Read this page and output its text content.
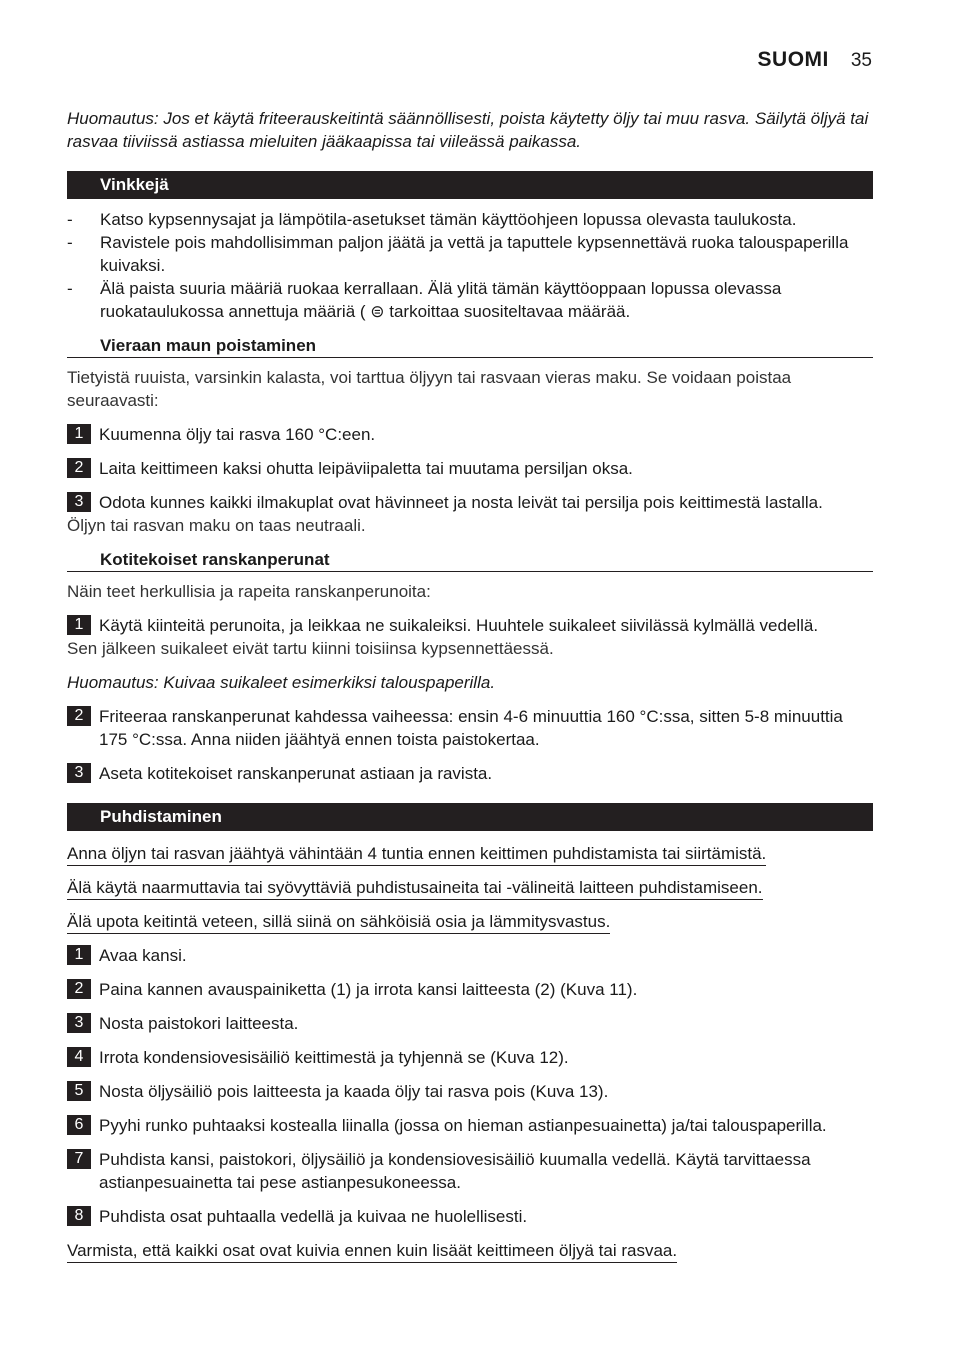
SUOMI 35

Huomautus: Jos et käytä friteerauskeitintä säännöllisesti, poista käytetty öljy tai muu rasva. Säilytä öljyä tai rasvaa tiiviissä astiassa mieluiten jääkaapissa tai viileässä paikassa.

Vinkkejä
- Katso kypsennysajat ja lämpötila-asetukset tämän käyttöohjeen lopussa olevasta taulukosta.
- Ravistele pois mahdollisimman paljon jäätä ja vettä ja taputtele kypsennettävä ruoka talouspaperilla kuivaksi.
- Älä paista suuria määriä ruokaa kerrallaan. Älä ylitä tämän käyttöoppaan lopussa olevassa ruokataulukossa annettuja määriä ( ⊜ tarkoittaa suositeltavaa määrää.
Vieraan maun poistaminen

Tietyistä ruuista, varsinkin kalasta, voi tarttua öljyyn tai rasvaan vieras maku. Se voidaan poistaa seuraavasti:

1 Kuumenna öljy tai rasva 160 °C:een.
2 Laita keittimeen kaksi ohutta leipäviipaletta tai muutama persiljan oksa.
3 Odota kunnes kaikki ilmakuplat ovat hävinneet ja nosta leivät tai persilja pois keittimestä lastalla.

Öljyn tai rasvan maku on taas neutraali.

Kotitekoiset ranskanperunat

Näin teet herkullisia ja rapeita ranskanperunoita:

1 Käytä kiinteitä perunoita, ja leikkaa ne suikaleiksi. Huuhtele suikaleet siivilässä kylmällä vedellä.

Sen jälkeen suikaleet eivät tartu kiinni toisiinsa kypsennettäessä.

Huomautus: Kuivaa suikaleet esimerkiksi talouspaperilla.

2 Friteeraa ranskanperunat kahdessa vaiheessa: ensin 4-6 minuuttia 160 °C:ssa, sitten 5-8 minuuttia 175 °C:ssa. Anna niiden jäähtyä ennen toista paistokertaa.
3 Aseta kotitekoiset ranskanperunat astiaan ja ravista.
Puhdistaminen
Anna öljyn tai rasvan jäähtyä vähintään 4 tuntia ennen keittimen puhdistamista tai siirtämistä.
Älä käytä naarmuttavia tai syövyttäviä puhdistusaineita tai -välineitä laitteen puhdistamiseen.
Älä upota keitintä veteen, sillä siinä on sähköisiä osia ja lämmitysvastus.
1 Avaa kansi.
2 Paina kannen avauspainiketta (1) ja irrota kansi laitteesta (2) (Kuva 11).
3 Nosta paistokori laitteesta.
4 Irrota kondensiovesisäiliö keittimestä ja tyhjennä se (Kuva 12).
5 Nosta öljysäiliö pois laitteesta ja kaada öljy tai rasva pois (Kuva 13).
6 Pyyhi runko puhtaaksi kostealla liinalla (jossa on hieman astianpesuainetta) ja/tai talouspaperilla.
7 Puhdista kansi, paistokori, öljysäiliö ja kondensiovesisäiliö kuumalla vedellä. Käytä tarvittaessa astianpesuainetta tai pese astianpesukoneessa.
8 Puhdista osat puhtaalla vedellä ja kuivaa ne huolellisesti.
Varmista, että kaikki osat ovat kuivia ennen kuin lisäät keittimeen öljyä tai rasvaa.
